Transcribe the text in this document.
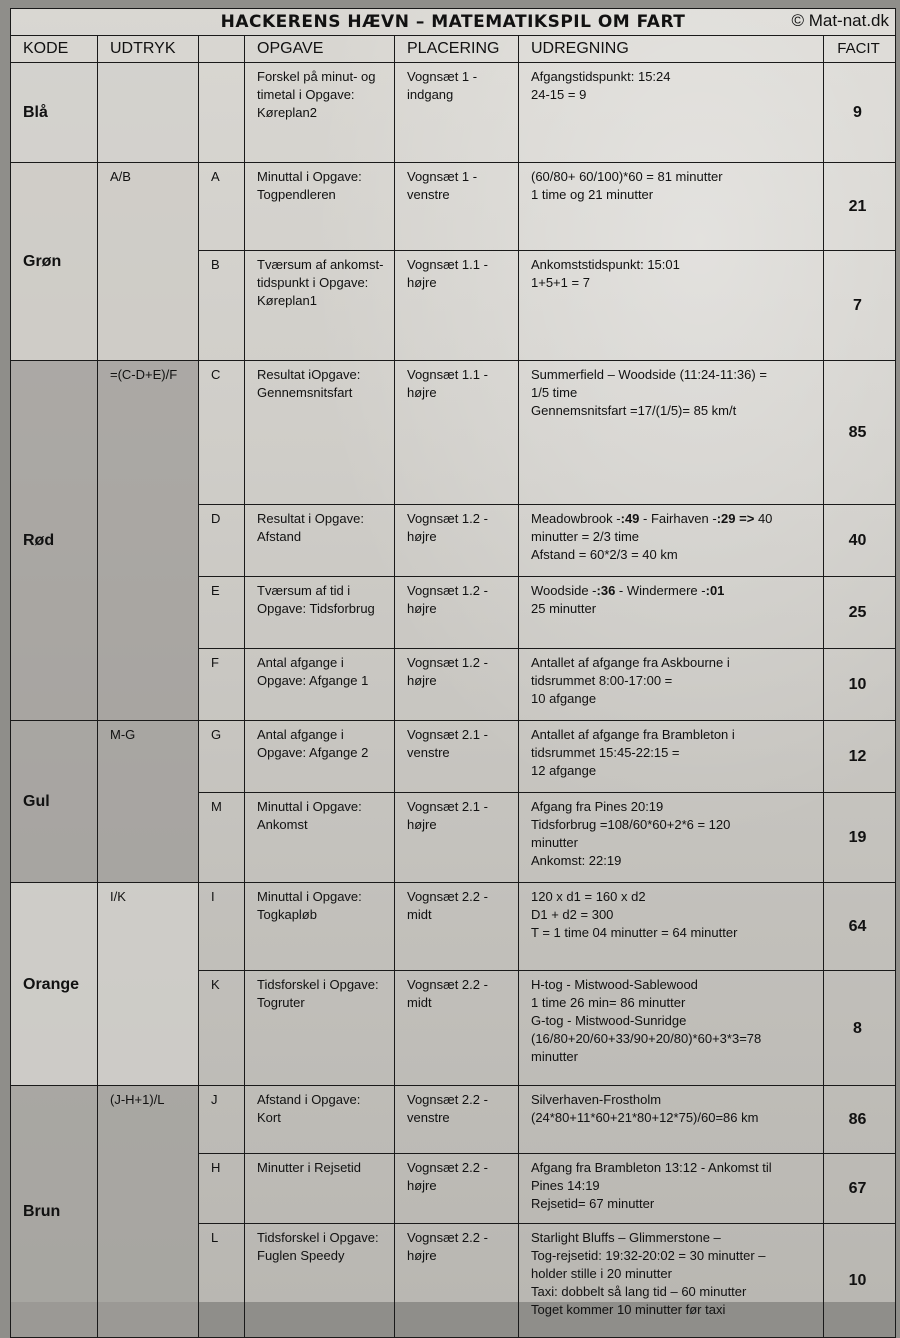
HACKERENS HÆVN – MATEMATIKSPIL OM FART © Mat-nat.dk						

KODE	UDTRYK		OPGAVE	PLACERING	UDREGNING	FACIT
Blå			Forskel på minut- og timetal i Opgave: Køreplan2	Vognsæt 1 - indgang	Afgangstidspunkt: 15:24
24-15 = 9	9
Grøn	A/B	A	Minuttal i Opgave: Togpendleren	Vognsæt 1 - venstre	(60/80+ 60/100)*60 = 81 minutter
1 time og 21 minutter	21
		B	Tværsum af ankomst-tidspunkt i Opgave: Køreplan1	Vognsæt 1.1 - højre	Ankomststidspunkt: 15:01
1+5+1 = 7	7
Rød	=(C-D+E)/F	C	Resultat iOpgave: Gennemsnitsfart	Vognsæt 1.1 - højre	Summerfield – Woodside (11:24-11:36) =
1/5 time
Gennemsnitsfart =17/(1/5)= 85 km/t	85
		D	Resultat i Opgave: Afstand	Vognsæt 1.2 - højre	Meadowbrook -:49 - Fairhaven -:29 => 40
minutter = 2/3 time
Afstand = 60*2/3 = 40 km	40
		E	Tværsum af tid i Opgave: Tidsforbrug	Vognsæt 1.2 - højre	Woodside -:36 - Windermere -:01
25 minutter	25
		F	Antal afgange i Opgave: Afgange 1	Vognsæt 1.2 - højre	Antallet af afgange fra Askbourne i
tidsrummet 8:00-17:00 =
10 afgange	10
Gul	M-G	G	Antal afgange i Opgave: Afgange 2	Vognsæt 2.1 - venstre	Antallet af afgange fra Brambleton i
tidsrummet 15:45-22:15 =
12 afgange	12
		M	Minuttal i Opgave: Ankomst	Vognsæt 2.1 - højre	Afgang fra Pines 20:19
Tidsforbrug =108/60*60+2*6 = 120
minutter
Ankomst: 22:19	19
Orange	I/K	I	Minuttal i Opgave: Togkapløb	Vognsæt 2.2 - midt	120 x d1 = 160 x d2
D1 + d2 = 300
T = 1 time 04 minutter = 64 minutter	64
		K	Tidsforskel i Opgave: Togruter	Vognsæt 2.2 - midt	H-tog - Mistwood-Sablewood
1 time 26 min= 86 minutter
G-tog - Mistwood-Sunridge
(16/80+20/60+33/90+20/80)*60+3*3=78
minutter	8
Brun	(J-H+1)/L	J	Afstand i Opgave: Kort	Vognsæt 2.2 - venstre	Silverhaven-Frostholm
(24*80+11*60+21*80+12*75)/60=86 km	86
		H	Minutter i Rejsetid	Vognsæt 2.2 - højre	Afgang fra Brambleton 13:12 - Ankomst til
Pines 14:19
Rejsetid= 67 minutter	67
		L	Tidsforskel i Opgave: Fuglen Speedy	Vognsæt 2.2 - højre	Starlight Bluffs – Glimmerstone –
Tog-rejsetid: 19:32-20:02 = 30 minutter –
holder stille i 20 minutter
Taxi: dobbelt så lang tid – 60 minutter
Toget kommer 10 minutter før taxi	10
